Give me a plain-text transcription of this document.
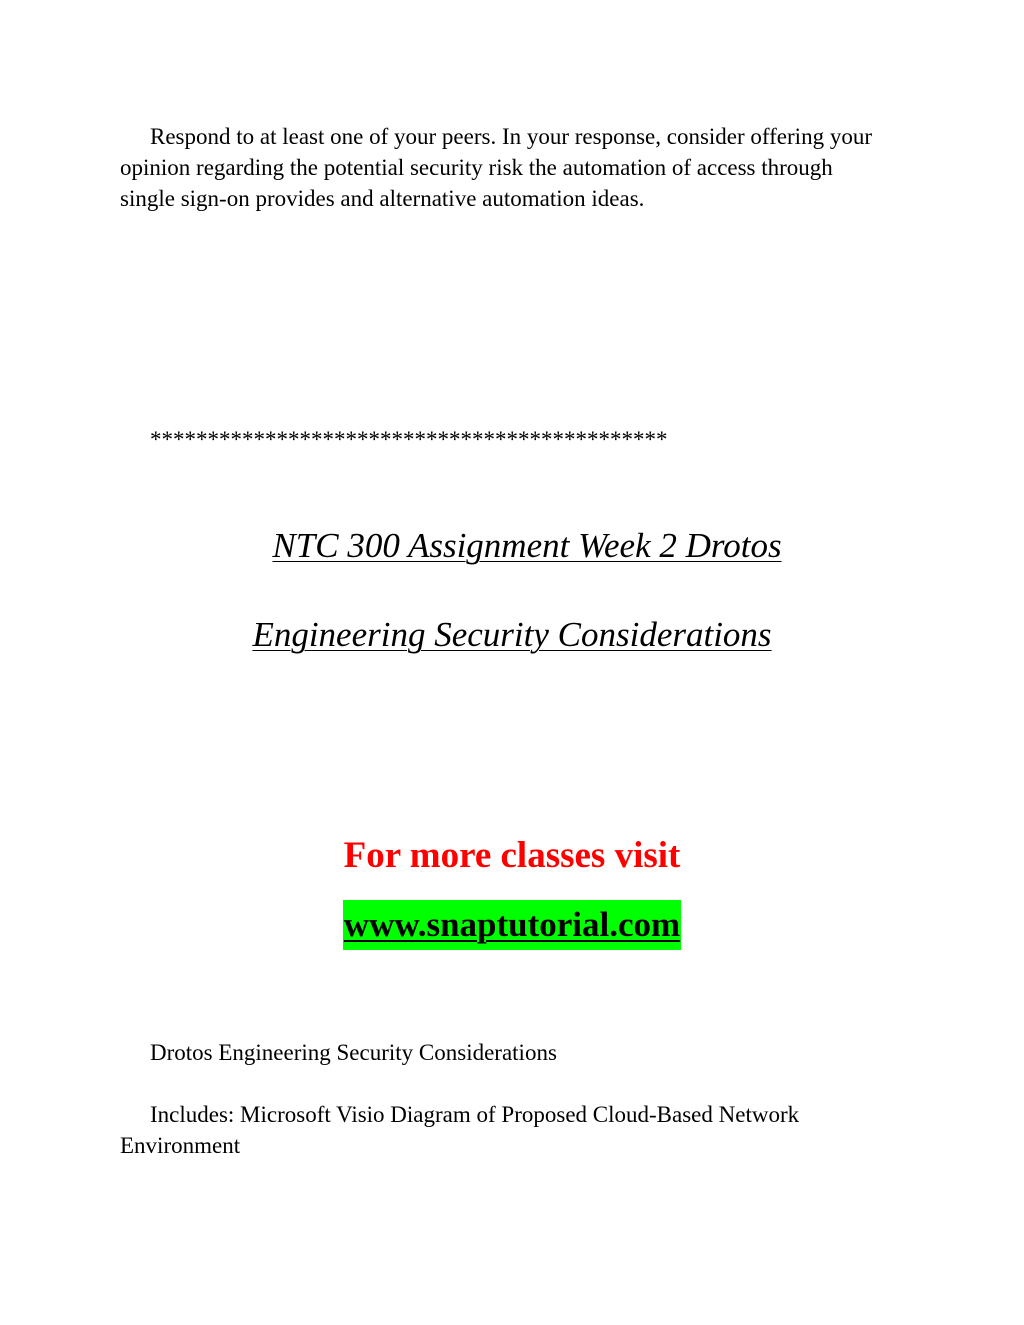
Respond to at least one of your peers. In your response, consider offering your opinion regarding the potential security risk the automation of access through single sign-on provides and alternative automation ideas.

*********************************************
NTC 300 Assignment Week 2 Drotos
Engineering Security Considerations
For more classes visit
www.snaptutorial.com

Drotos Engineering Security Considerations

Includes: Microsoft Visio Diagram of Proposed Cloud-Based Network Environment
